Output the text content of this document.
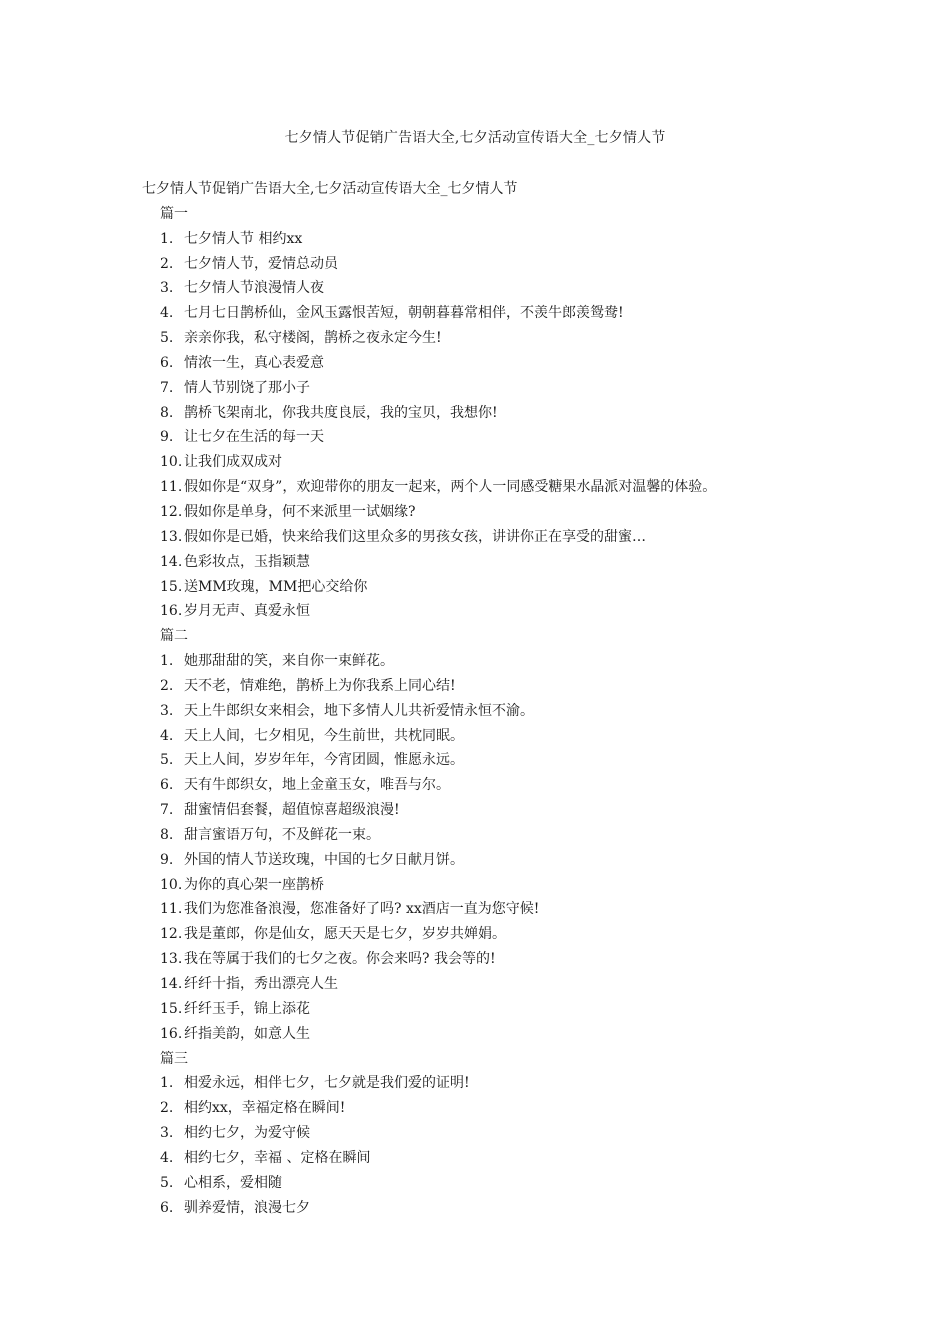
七夕情人节促销广告语大全,七夕活动宣传语大全_七夕情人节

七夕情人节促销广告语大全,七夕活动宣传语大全_七夕情人节

篇一

1. 七夕情人节 相约xx
2. 七夕情人节，爱情总动员
3. 七夕情人节浪漫情人夜
4. 七月七日鹊桥仙，金风玉露恨苦短，朝朝暮暮常相伴，不羡牛郎羡鸳鸯!
5. 亲亲你我，私守楼阁，鹊桥之夜永定今生!
6. 情浓一生，真心表爱意
7. 情人节别饶了那小子
8. 鹊桥飞架南北，你我共度良辰，我的宝贝，我想你!
9. 让七夕在生活的每一天
10. 让我们成双成对
11. 假如你是“双身”，欢迎带你的朋友一起来，两个人一同感受糖果水晶派对温馨的体验。
12. 假如你是单身，何不来派里一试姻缘?
13. 假如你是已婚，快来给我们这里众多的男孩女孩，讲讲你正在享受的甜蜜…
14. 色彩妆点，玉指颖慧
15. 送MM玫瑰，MM把心交给你
16. 岁月无声、真爱永恒

篇二

1. 她那甜甜的笑，来自你一束鲜花。
2. 天不老，情难绝，鹊桥上为你我系上同心结!
3. 天上牛郎织女来相会，地下多情人儿共祈爱情永恒不渝。
4. 天上人间，七夕相见，今生前世，共枕同眠。
5. 天上人间，岁岁年年，今宵团圆，惟愿永远。
6. 天有牛郎织女，地上金童玉女，唯吾与尔。
7. 甜蜜情侣套餐，超值惊喜超级浪漫!
8. 甜言蜜语万句，不及鲜花一束。
9. 外国的情人节送玫瑰，中国的七夕日献月饼。
10. 为你的真心架一座鹊桥
11. 我们为您准备浪漫，您准备好了吗? xx酒店一直为您守候!
12. 我是董郎，你是仙女，愿天天是七夕，岁岁共婵娟。
13. 我在等属于我们的七夕之夜。你会来吗? 我会等的!
14. 纤纤十指，秀出漂亮人生
15. 纤纤玉手，锦上添花
16. 纤指美韵，如意人生

篇三

1. 相爱永远，相伴七夕，七夕就是我们爱的证明!
2. 相约xx，幸福定格在瞬间!
3. 相约七夕，为爱守候
4. 相约七夕，幸福 、定格在瞬间
5. 心相系，爱相随
6. 驯养爱情，浪漫七夕
